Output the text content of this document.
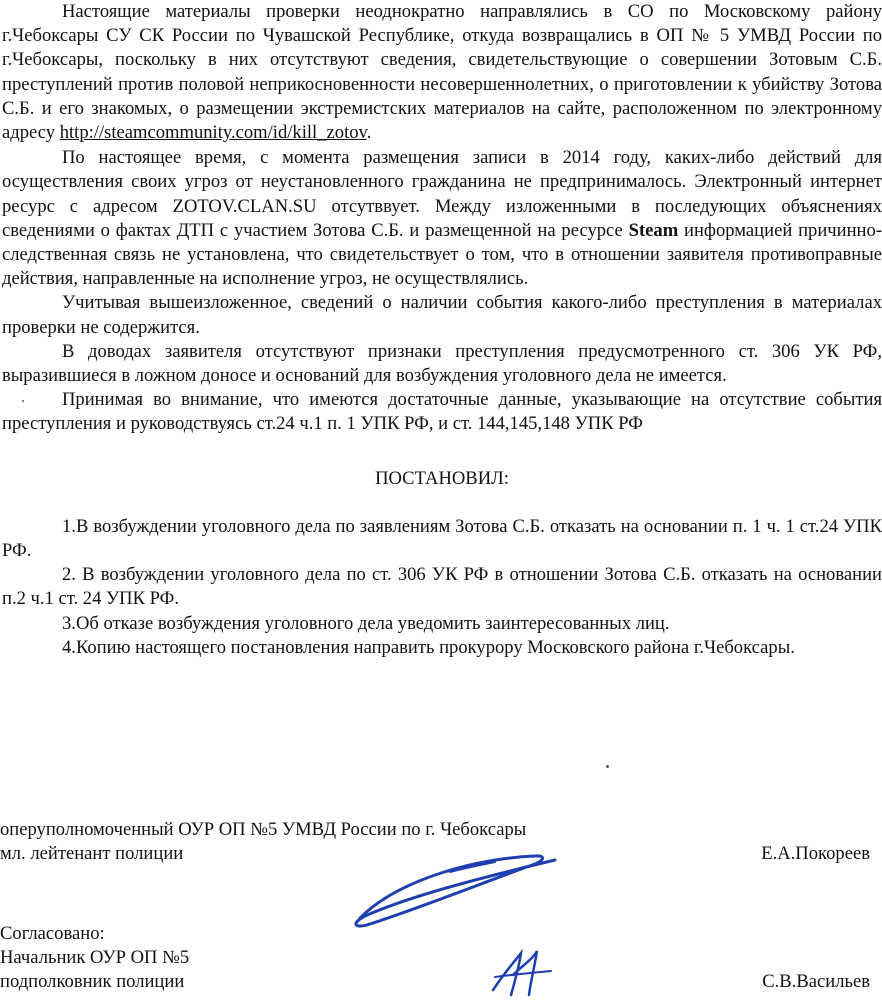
Настоящие материалы проверки неоднократно направлялись в СО по Московскому району г.Чебоксары СУ СК России по Чувашской Республике, откуда возвращались в ОП № 5 УМВД России по г.Чебоксары, поскольку в них отсутствуют сведения, свидетельствующие о совершении Зотовым С.Б. преступлений против половой неприкосновенности несовершеннолетних, о приготовлении к убийству Зотова С.Б. и его знакомых, о размещении экстремистских материалов на сайте, расположенном по электронному адресу http://steamcommunity.com/id/kill_zotov.

По настоящее время, с момента размещения записи в 2014 году, каких-либо действий для осуществления своих угроз от неустановленного гражданина не предпринималось. Электронный интернет ресурс с адресом ZOTOV.CLAN.SU отсутввует. Между изложенными в последующих объяснениях сведениями о фактах ДТП с участием Зотова С.Б. и размещенной на ресурсе Steam информацией причинно-следственная связь не установлена, что свидетельствует о том, что в отношении заявителя противоправные действия, направленные на исполнение угроз, не осуществлялись.

Учитывая вышеизложенное, сведений о наличии события какого-либо преступления в материалах проверки не содержится.

В доводах заявителя отсутствуют признаки преступления предусмотренного ст. 306 УК РФ, выразившиеся в ложном доносе и оснований для возбуждения уголовного дела не имеется.

Принимая во внимание, что имеются достаточные данные, указывающие на отсутствие события преступления и руководствуясь ст.24 ч.1 п. 1 УПК РФ, и ст. 144,145,148 УПК РФ

ПОСТАНОВИЛ:

1.В возбуждении уголовного дела по заявлениям Зотова С.Б. отказать на основании п. 1 ч. 1 ст.24 УПК РФ.

2. В возбуждении уголовного дела по ст. 306 УК РФ в отношении Зотова С.Б. отказать на основании п.2 ч.1 ст. 24 УПК РФ.

3.Об отказе возбуждения уголовного дела уведомить заинтересованных лиц.

4.Копию настоящего постановления направить прокурору Московского района г.Чебоксары.

оперуполномоченный ОУР ОП №5 УМВД России по г. Чебоксары
мл. лейтенант полиции	Е.А.Покореев
Согласовано:
Начальник ОУР ОП №5
подполковник полиции	С.В.Васильев
